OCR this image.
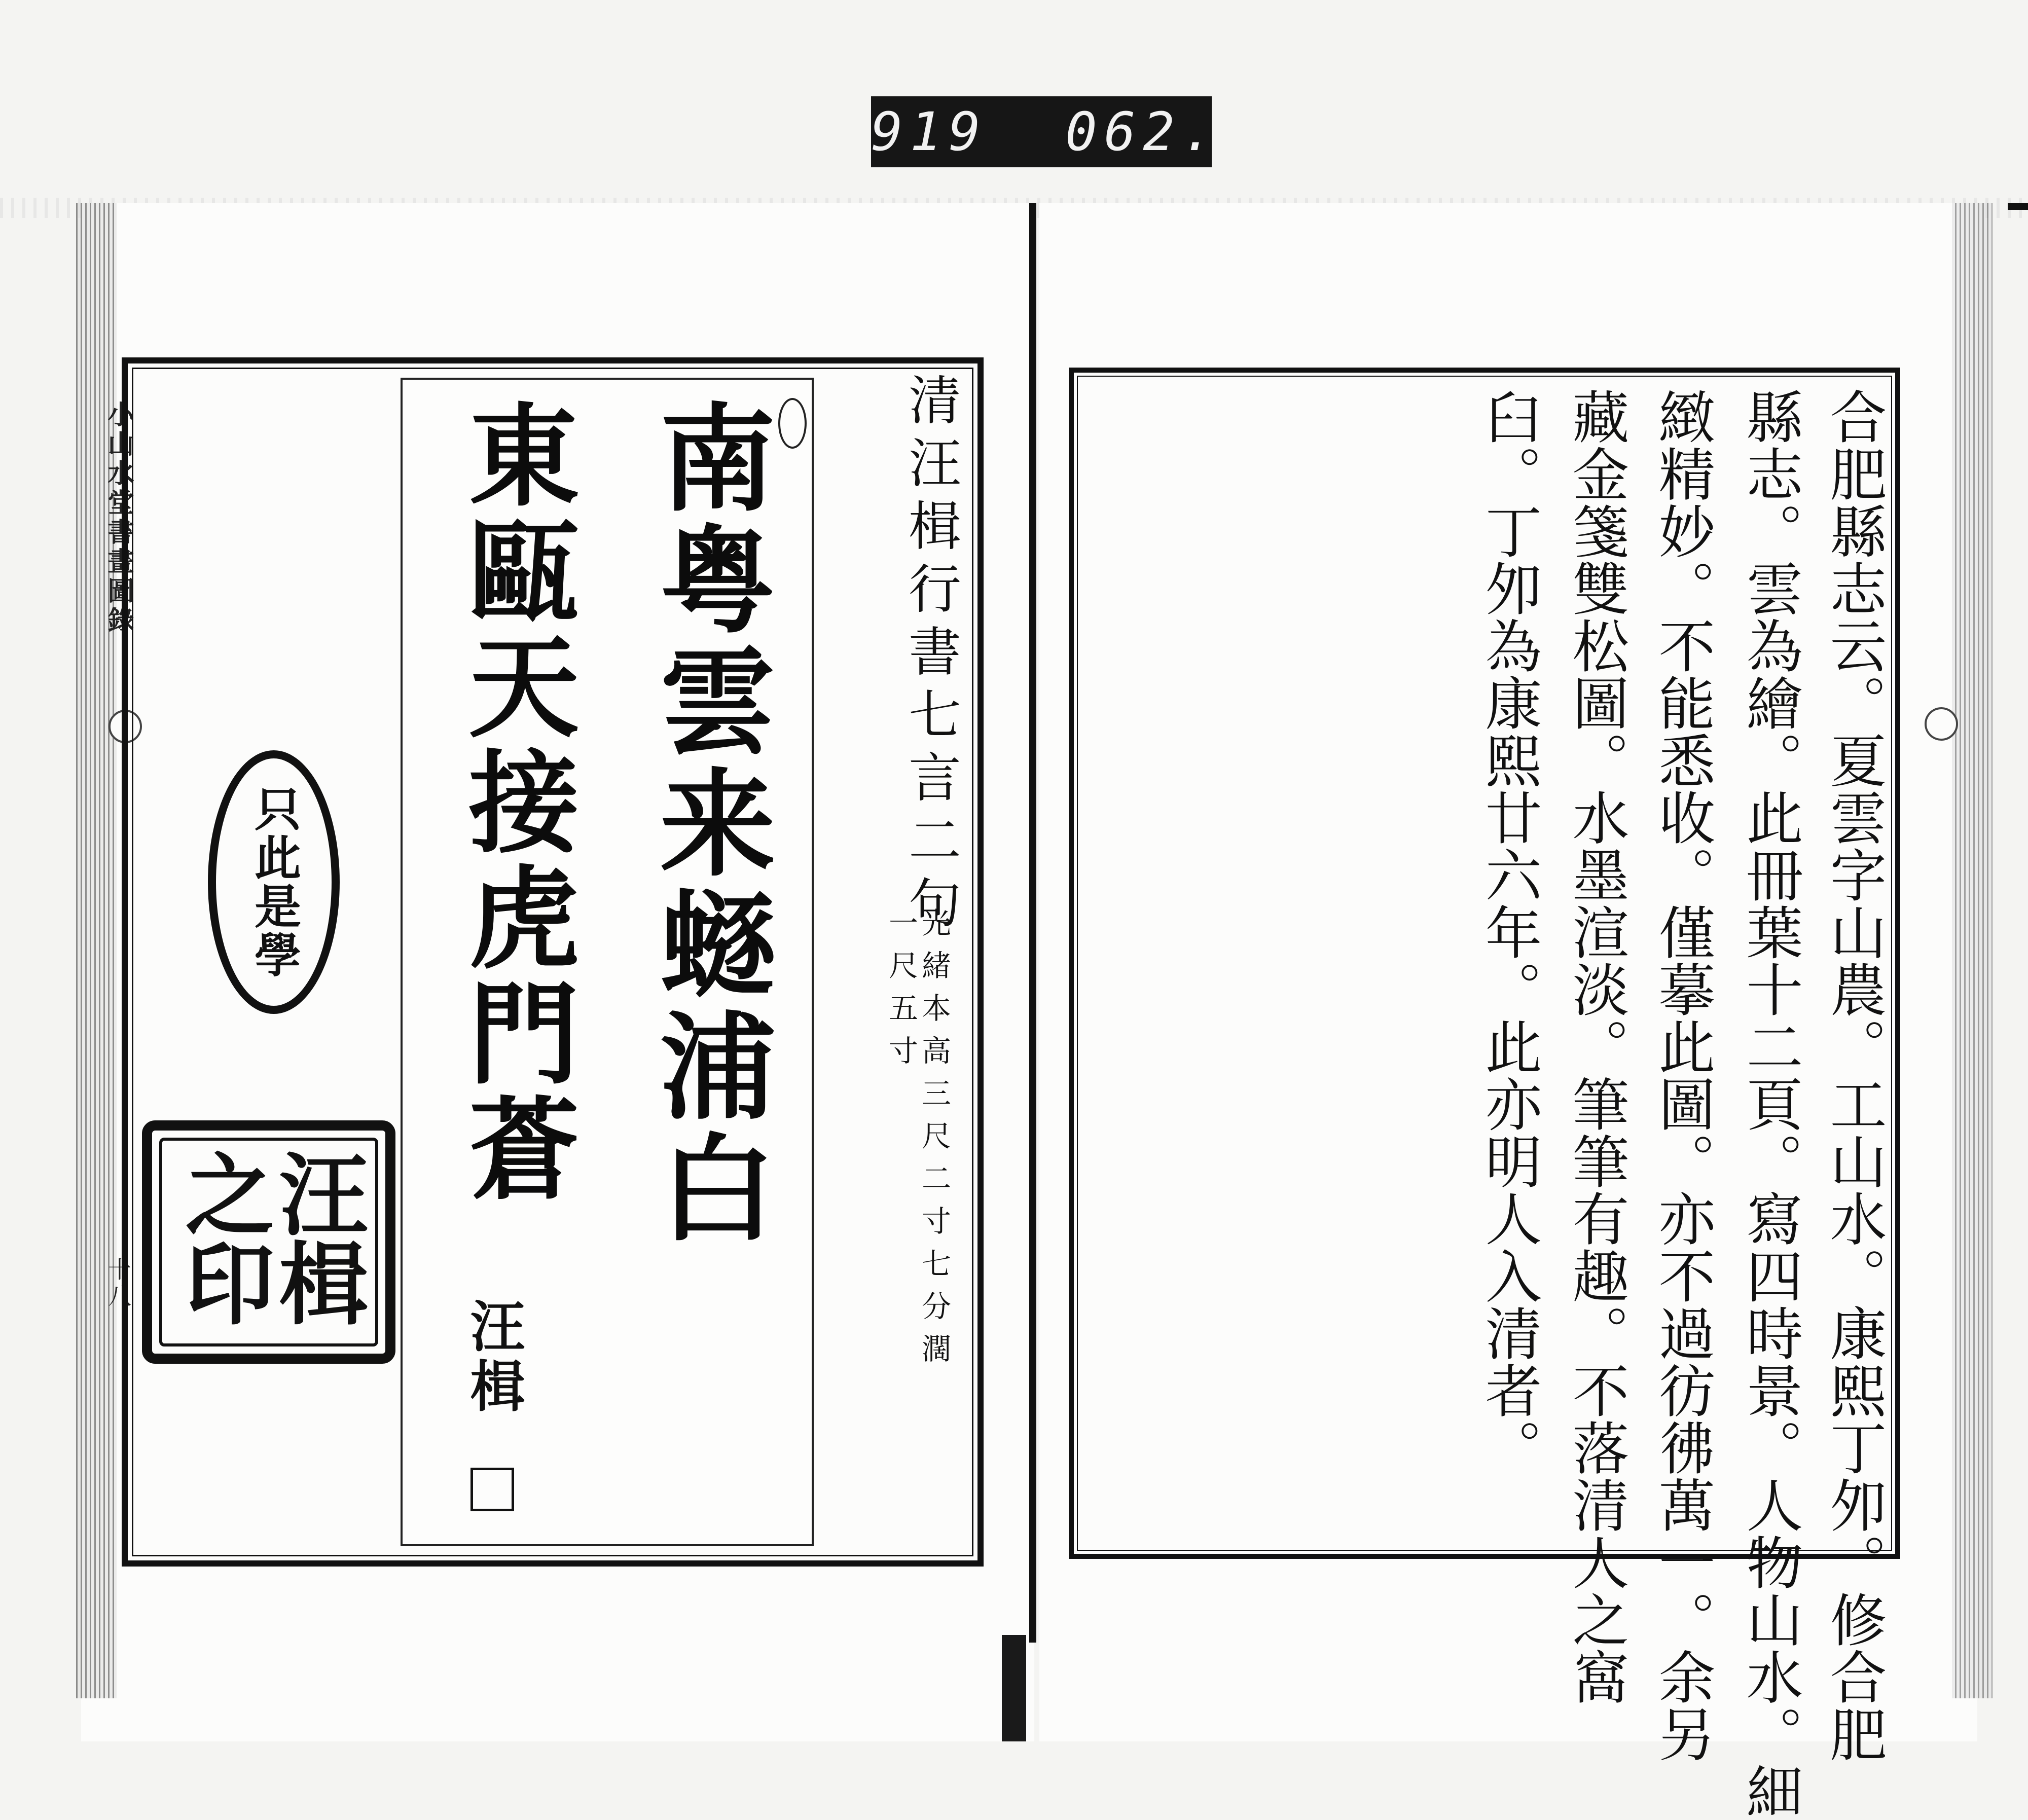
919  062.
小山水堂書畫圖錄
十八
清汪楫行書七言二句
光緒本高三尺二寸七分濶
一尺五寸
南粤雲来𧏿浦白
東甌天接虎門蒼
汪楫
只此是學
汪楫之印	合肥縣志云。夏雲字山農。工山水。康熙丁夘。修合肥
縣志。雲為繪。此冊葉十二頁。寫四時景。人物山水。細
緻精妙。不能悉收。僅摹此圖。亦不過彷彿萬一。余另
藏金箋雙松圖。水墨渲淡。筆筆有趣。不落清人之窩
臼。丁夘為康熙廿六年。此亦明人入清者。
